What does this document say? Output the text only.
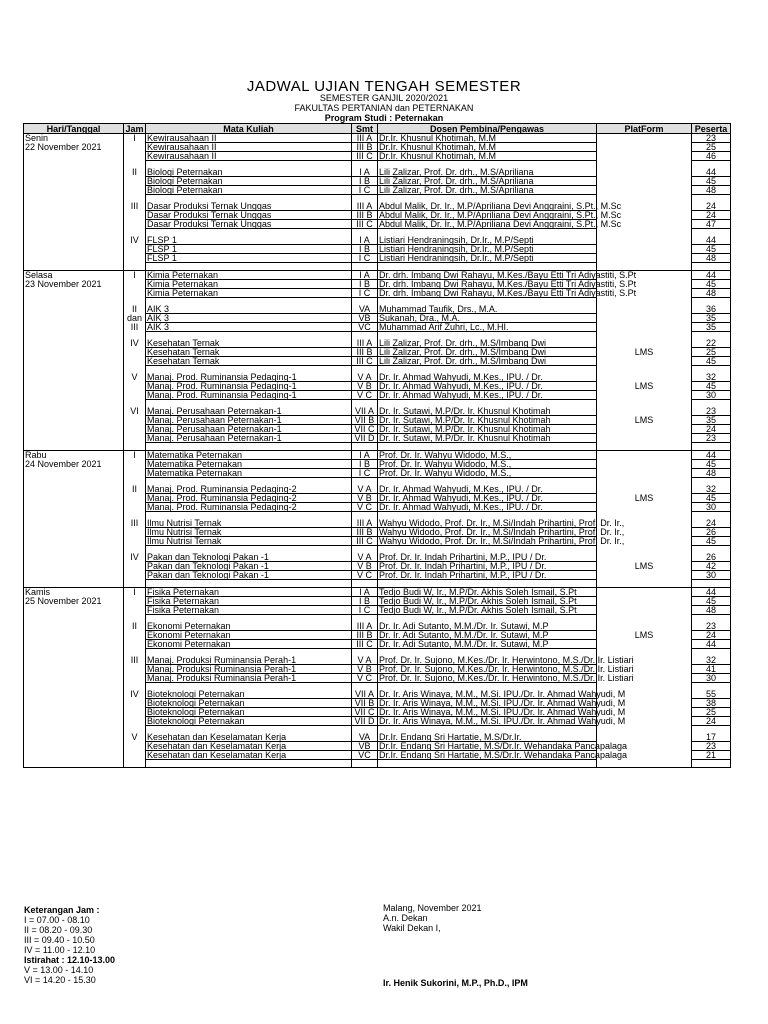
JADWAL UJIAN TENGAH SEMESTER
SEMESTER GANJIL 2020/2021
FAKULTAS PERTANIAN dan PETERNAKAN
Program Studi : Peternakan
Hari/Tanggal	Jam	Mata Kuliah	Smt	Dosen Pembina/Pengawas	PlatForm	Peserta
Senin	I	Kewirausahaan II	III A	Dr.Ir. Khusnul Khotimah, M.M		23
22 November 2021		Kewirausahaan II	III B	Dr.Ir. Khusnul Khotimah, M.M		25
		Kewirausahaan II	III C	Dr.Ir. Khusnul Khotimah, M.M		46

	II	Biologi Peternakan	I A	Lili Zalizar, Prof. Dr. drh., M.S/Apriliana		44
		Biologi Peternakan	I B	Lili Zalizar, Prof. Dr. drh., M.S/Apriliana		45
		Biologi Peternakan	I C	Lili Zalizar, Prof. Dr. drh., M.S/Apriliana		48

	III	Dasar Produksi Ternak Unggas	III A	Abdul Malik, Dr. Ir., M.P/Apriliana Devi Anggraini, S.Pt., M.Sc		24
		Dasar Produksi Ternak Unggas	III B	Abdul Malik, Dr. Ir., M.P/Apriliana Devi Anggraini, S.Pt., M.Sc		24
		Dasar Produksi Ternak Unggas	III C	Abdul Malik, Dr. Ir., M.P/Apriliana Devi Anggraini, S.Pt., M.Sc		47

	IV	FLSP 1	I A	Listiari Hendraningsih, Dr.Ir., M.P/Septi		44
		FLSP 1	I B	Listiari Hendraningsih, Dr.Ir., M.P/Septi		45
		FLSP 1	I C	Listiari Hendraningsih, Dr.Ir., M.P/Septi		48

Selasa	I	Kimia Peternakan	I A	Dr. drh. Imbang Dwi Rahayu, M.Kes./Bayu Etti Tri Adiyastiti, S.Pt		44
23 November 2021		Kimia Peternakan	I B	Dr. drh. Imbang Dwi Rahayu, M.Kes./Bayu Etti Tri Adiyastiti, S.Pt		45
		Kimia Peternakan	I C	Dr. drh. Imbang Dwi Rahayu, M.Kes./Bayu Etti Tri Adiyastiti, S.Pt		48

	II	AIK 3	VA	Muhammad Taufik, Drs., M.A.		36
	dan	AIK 3	VB	Sukanah, Dra., M.A.		35
	III	AIK 3	VC	Muhammad Arif Zuhri, Lc., M.HI.		35

	IV	Kesehatan Ternak	III A	Lili Zalizar, Prof. Dr. drh., M.S/Imbang Dwi		22
		Kesehatan Ternak	III B	Lili Zalizar, Prof. Dr. drh., M.S/Imbang Dwi	LMS	25
		Kesehatan Ternak	III C	Lili Zalizar, Prof. Dr. drh., M.S/Imbang Dwi		45

	V	Manaj. Prod. Ruminansia Pedaging-1	V A	Dr. Ir. Ahmad Wahyudi, M.Kes., IPU. / Dr.		32
		Manaj. Prod. Ruminansia Pedaging-1	V B	Dr. Ir. Ahmad Wahyudi, M.Kes., IPU. / Dr.	LMS	45
		Manaj. Prod. Ruminansia Pedaging-1	V C	Dr. Ir. Ahmad Wahyudi, M.Kes., IPU. / Dr.		30

	VI	Manaj. Perusahaan Peternakan-1	VII A	Dr. Ir. Sutawi, M.P/Dr. Ir. Khusnul Khotimah		23
		Manaj. Perusahaan Peternakan-1	VII B	Dr. Ir. Sutawi, M.P/Dr. Ir. Khusnul Khotimah	LMS	35
		Manaj. Perusahaan Peternakan-1	VII C	Dr. Ir. Sutawi, M.P/Dr. Ir. Khusnul Khotimah		24
		Manaj. Perusahaan Peternakan-1	VII D	Dr. Ir. Sutawi, M.P/Dr. Ir. Khusnul Khotimah		23

Rabu	I	Matematika Peternakan	I A	Prof. Dr. Ir. Wahyu Widodo, M.S.,		44
24 November 2021		Matematika Peternakan	I B	Prof. Dr. Ir. Wahyu Widodo, M.S.,		45
		Matematika Peternakan	I C	Prof. Dr. Ir. Wahyu Widodo, M.S.,		48

	II	Manaj. Prod. Ruminansia Pedaging-2	V A	Dr. Ir. Ahmad Wahyudi, M.Kes., IPU. / Dr.		32
		Manaj. Prod. Ruminansia Pedaging-2	V B	Dr. Ir. Ahmad Wahyudi, M.Kes., IPU. / Dr.	LMS	45
		Manaj. Prod. Ruminansia Pedaging-2	V C	Dr. Ir. Ahmad Wahyudi, M.Kes., IPU. / Dr.		30

	III	Ilmu Nutrisi Ternak	III A	Wahyu Widodo, Prof. Dr. Ir., M.Si/Indah Prihartini, Prof. Dr. Ir.,		24
		Ilmu Nutrisi Ternak	III B	Wahyu Widodo, Prof. Dr. Ir., M.Si/Indah Prihartini, Prof. Dr. Ir.,		26
		Ilmu Nutrisi Ternak	III C	Wahyu Widodo, Prof. Dr. Ir., M.Si/Indah Prihartini, Prof. Dr. Ir.,		45

	IV	Pakan dan Teknologi Pakan -1	V A	Prof. Dr. Ir. Indah Prihartini, M.P., IPU / Dr.		26
		Pakan dan Teknologi Pakan -1	V B	Prof. Dr. Ir. Indah Prihartini, M.P., IPU / Dr.	LMS	42
		Pakan dan Teknologi Pakan -1	V C	Prof. Dr. Ir. Indah Prihartini, M.P., IPU / Dr.		30

Kamis	I	Fisika Peternakan	I A	Tedjo Budi W, Ir., M.P/Dr. Akhis Soleh Ismail, S.Pt		44
25 November 2021		Fisika Peternakan	I B	Tedjo Budi W, Ir., M.P/Dr. Akhis Soleh Ismail, S.Pt		45
		Fisika Peternakan	I C	Tedjo Budi W, Ir., M.P/Dr. Akhis Soleh Ismail, S.Pt		48

	II	Ekonomi Peternakan	III A	Dr. Ir. Adi Sutanto, M.M./Dr. Ir. Sutawi, M.P		23
		Ekonomi Peternakan	III B	Dr. Ir. Adi Sutanto, M.M./Dr. Ir. Sutawi, M.P	LMS	24
		Ekonomi Peternakan	III C	Dr. Ir. Adi Sutanto, M.M./Dr. Ir. Sutawi, M.P		44

	III	Manaj. Produksi Ruminansia Perah-1	V A	Prof. Dr. Ir. Sujono, M.Kes./Dr. Ir. Herwintono, M.S./Dr. Ir. Listiari		32
		Manaj. Produksi Ruminansia Perah-1	V B	Prof. Dr. Ir. Sujono, M.Kes./Dr. Ir. Herwintono, M.S./Dr. Ir. Listiari		41
		Manaj. Produksi Ruminansia Perah-1	V C	Prof. Dr. Ir. Sujono, M.Kes./Dr. Ir. Herwintono, M.S./Dr. Ir. Listiari		30

	IV	Bioteknologi Peternakan	VII A	Dr. Ir. Aris Winaya, M.M., M.Si. IPU./Dr. Ir. Ahmad Wahyudi, M		55
		Bioteknologi Peternakan	VII B	Dr. Ir. Aris Winaya, M.M., M.Si. IPU./Dr. Ir. Ahmad Wahyudi, M		38
		Bioteknologi Peternakan	VII C	Dr. Ir. Aris Winaya, M.M., M.Si. IPU./Dr. Ir. Ahmad Wahyudi, M		25
		Bioteknologi Peternakan	VII D	Dr. Ir. Aris Winaya, M.M., M.Si. IPU./Dr. Ir. Ahmad Wahyudi, M		24

	V	Kesehatan dan Keselamatan Kerja	VA	Dr.Ir. Endang Sri Hartatie, M.S/Dr.Ir.		17
		Kesehatan dan Keselamatan Kerja	VB	Dr.Ir. Endang Sri Hartatie, M.S/Dr.Ir. Wehandaka Pancapalaga		23
		Kesehatan dan Keselamatan Kerja	VC	Dr.Ir. Endang Sri Hartatie, M.S/Dr.Ir. Wehandaka Pancapalaga		21

Keterangan Jam :
I = 07.00 - 08.10
II = 08.20 - 09.30
III = 09.40 - 10.50
IV = 11.00 - 12.10
Istirahat : 12.10-13.00
V = 13.00 - 14.10
VI = 14.20 - 15.30
Malang, November 2021
A.n. Dekan
Wakil Dekan I,
Ir. Henik Sukorini, M.P., Ph.D., IPM
